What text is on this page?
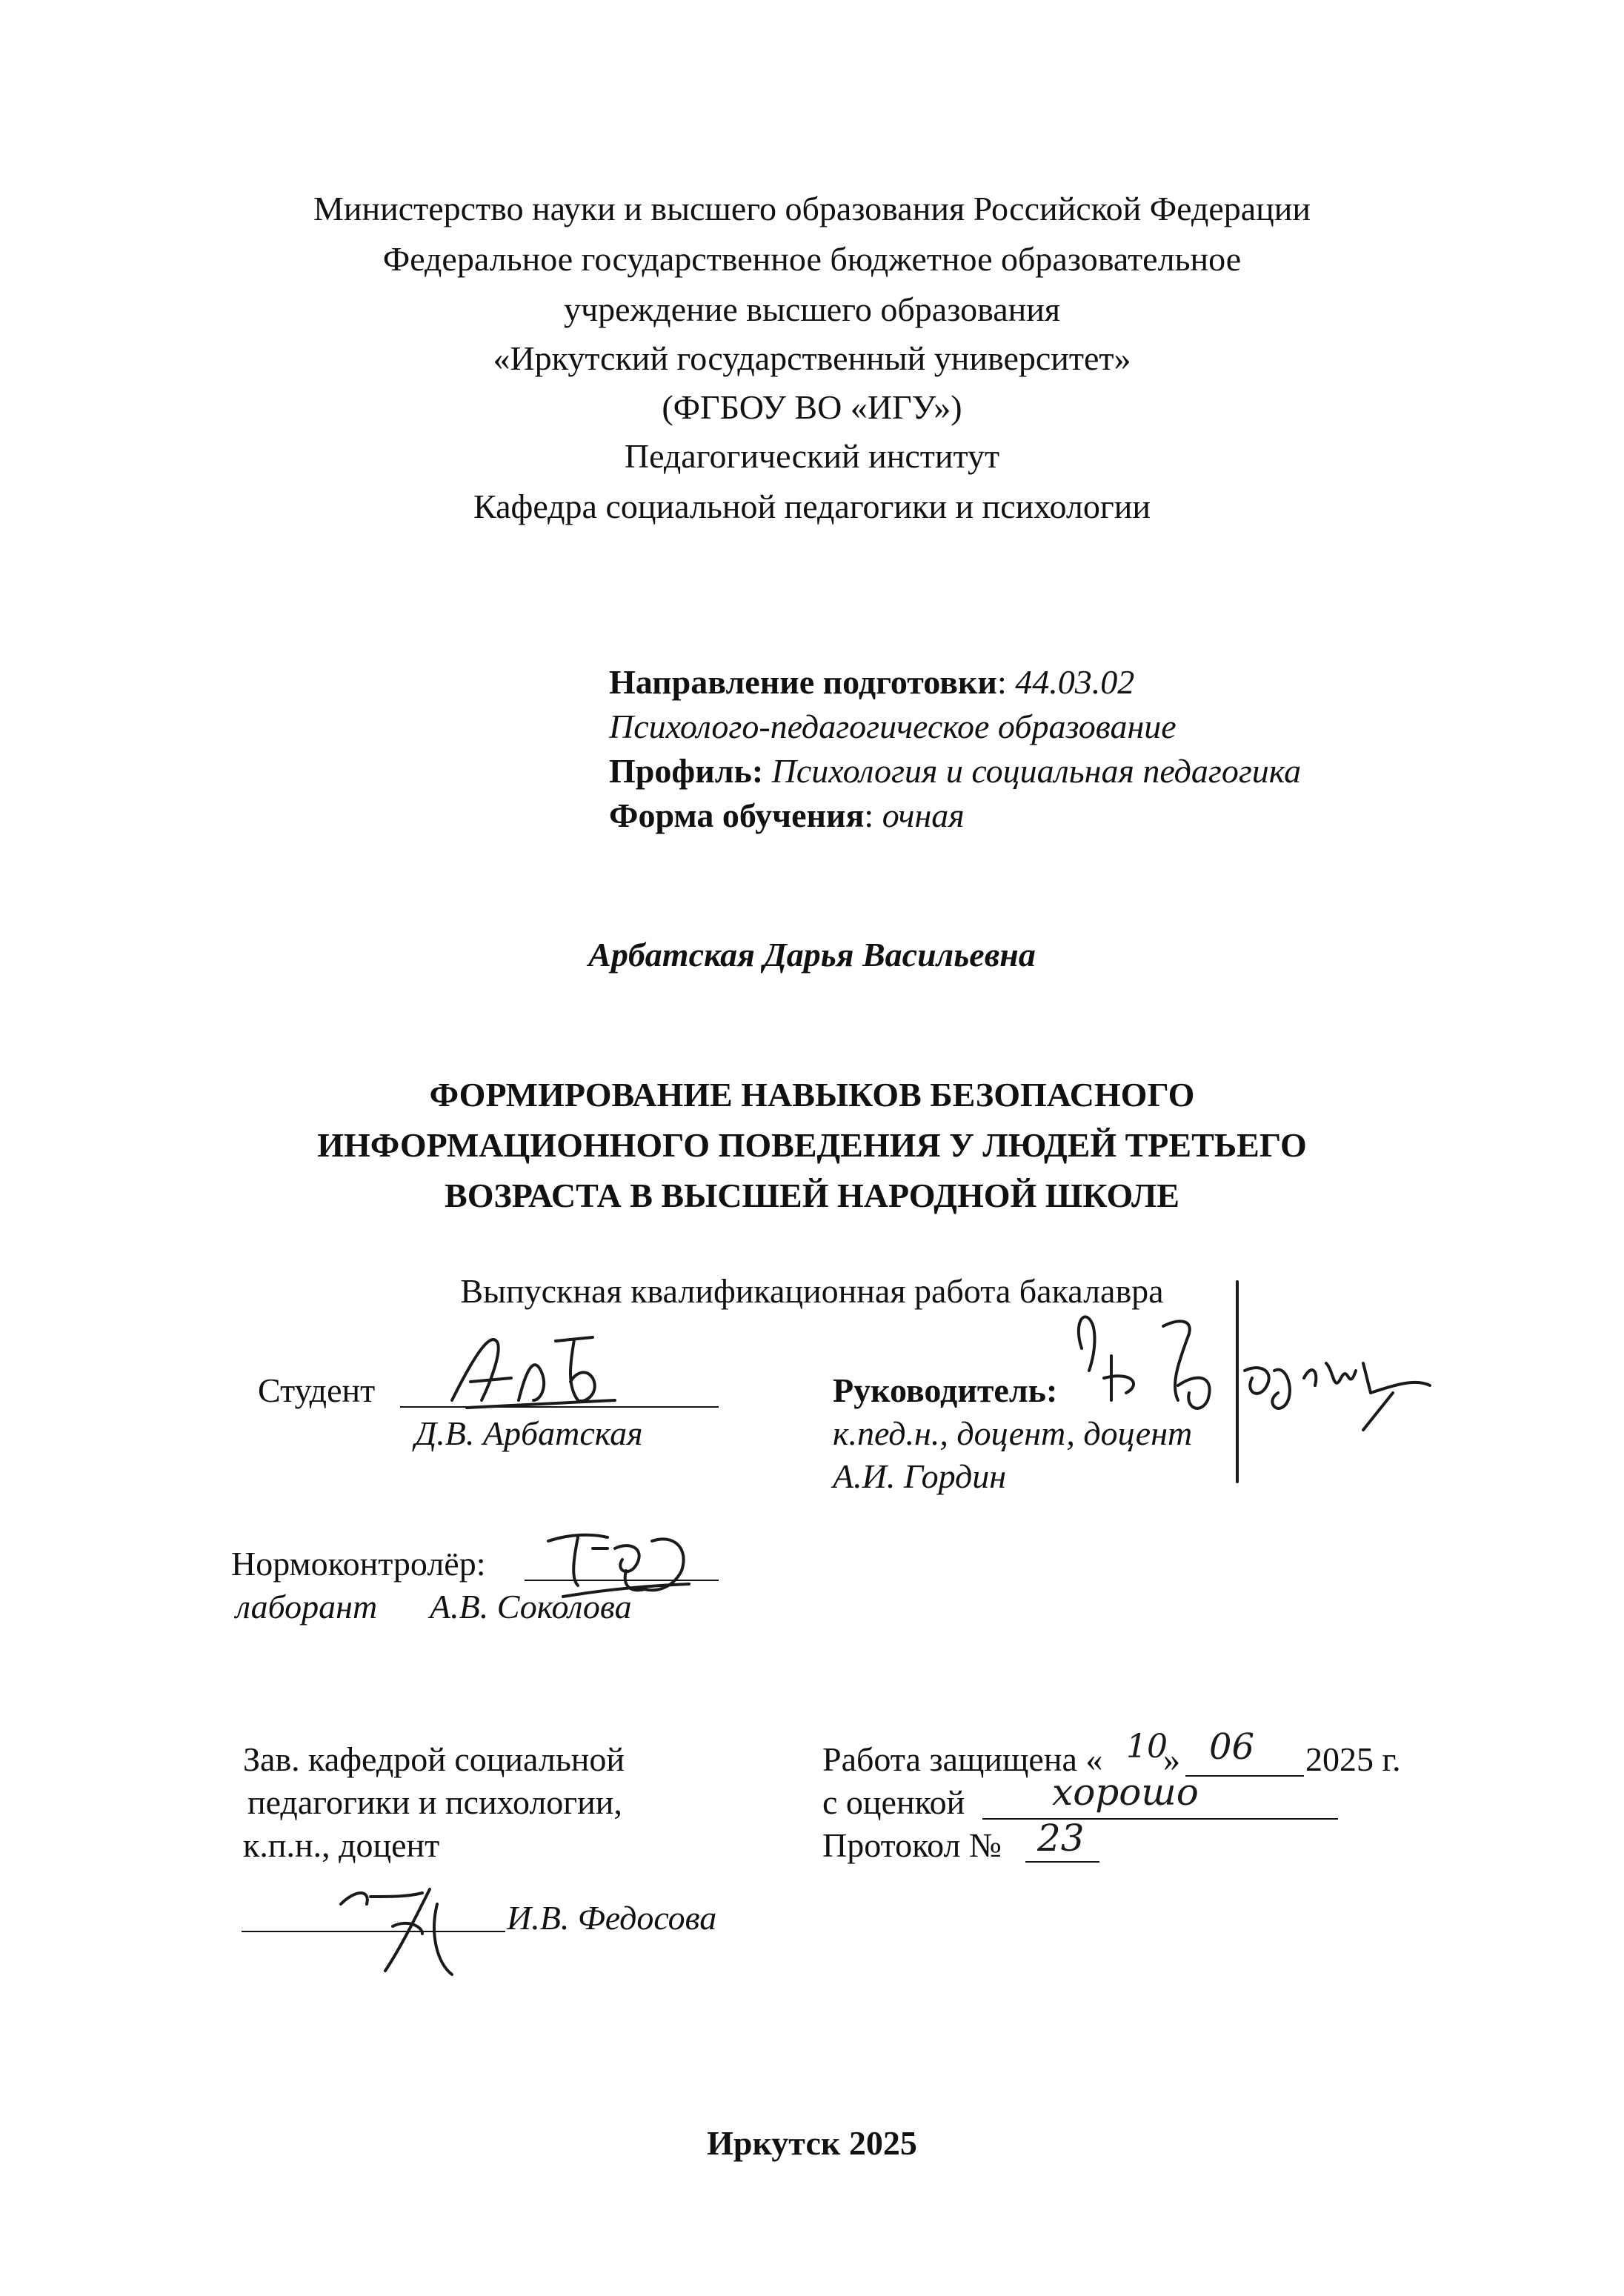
Министерство науки и высшего образования Российской Федерации
Федеральное государственное бюджетное образовательное
учреждение высшего образования
«Иркутский государственный университет»
(ФГБОУ ВО «ИГУ»)
Педагогический институт
Кафедра социальной педагогики и психологии
Направление подготовки: 44.03.02
Психолого-педагогическое образование
Профиль: Психология и социальная педагогика
Форма обучения: очная
Арбатская Дарья Васильевна
ФОРМИРОВАНИЕ НАВЫКОВ БЕЗОПАСНОГО
ИНФОРМАЦИОННОГО ПОВЕДЕНИЯ У ЛЮДЕЙ ТРЕТЬЕГО
ВОЗРАСТА В ВЫСШЕЙ НАРОДНОЙ ШКОЛЕ
Выпускная квалификационная работа бакалавра
Студент
Д.В. Арбатская
Руководитель:
к.пед.н., доцент, доцент
А.И. Гордин
Нормоконтролёр:
лаборант А.В. Соколова
Зав. кафедрой социальной
педагогики и психологии,
к.п.н., доцент
И.В. Федосова
Работа защищена « 10
» 06 2025 г.
с оценкой хорошо
Протокол № 23
Иркутск 2025
